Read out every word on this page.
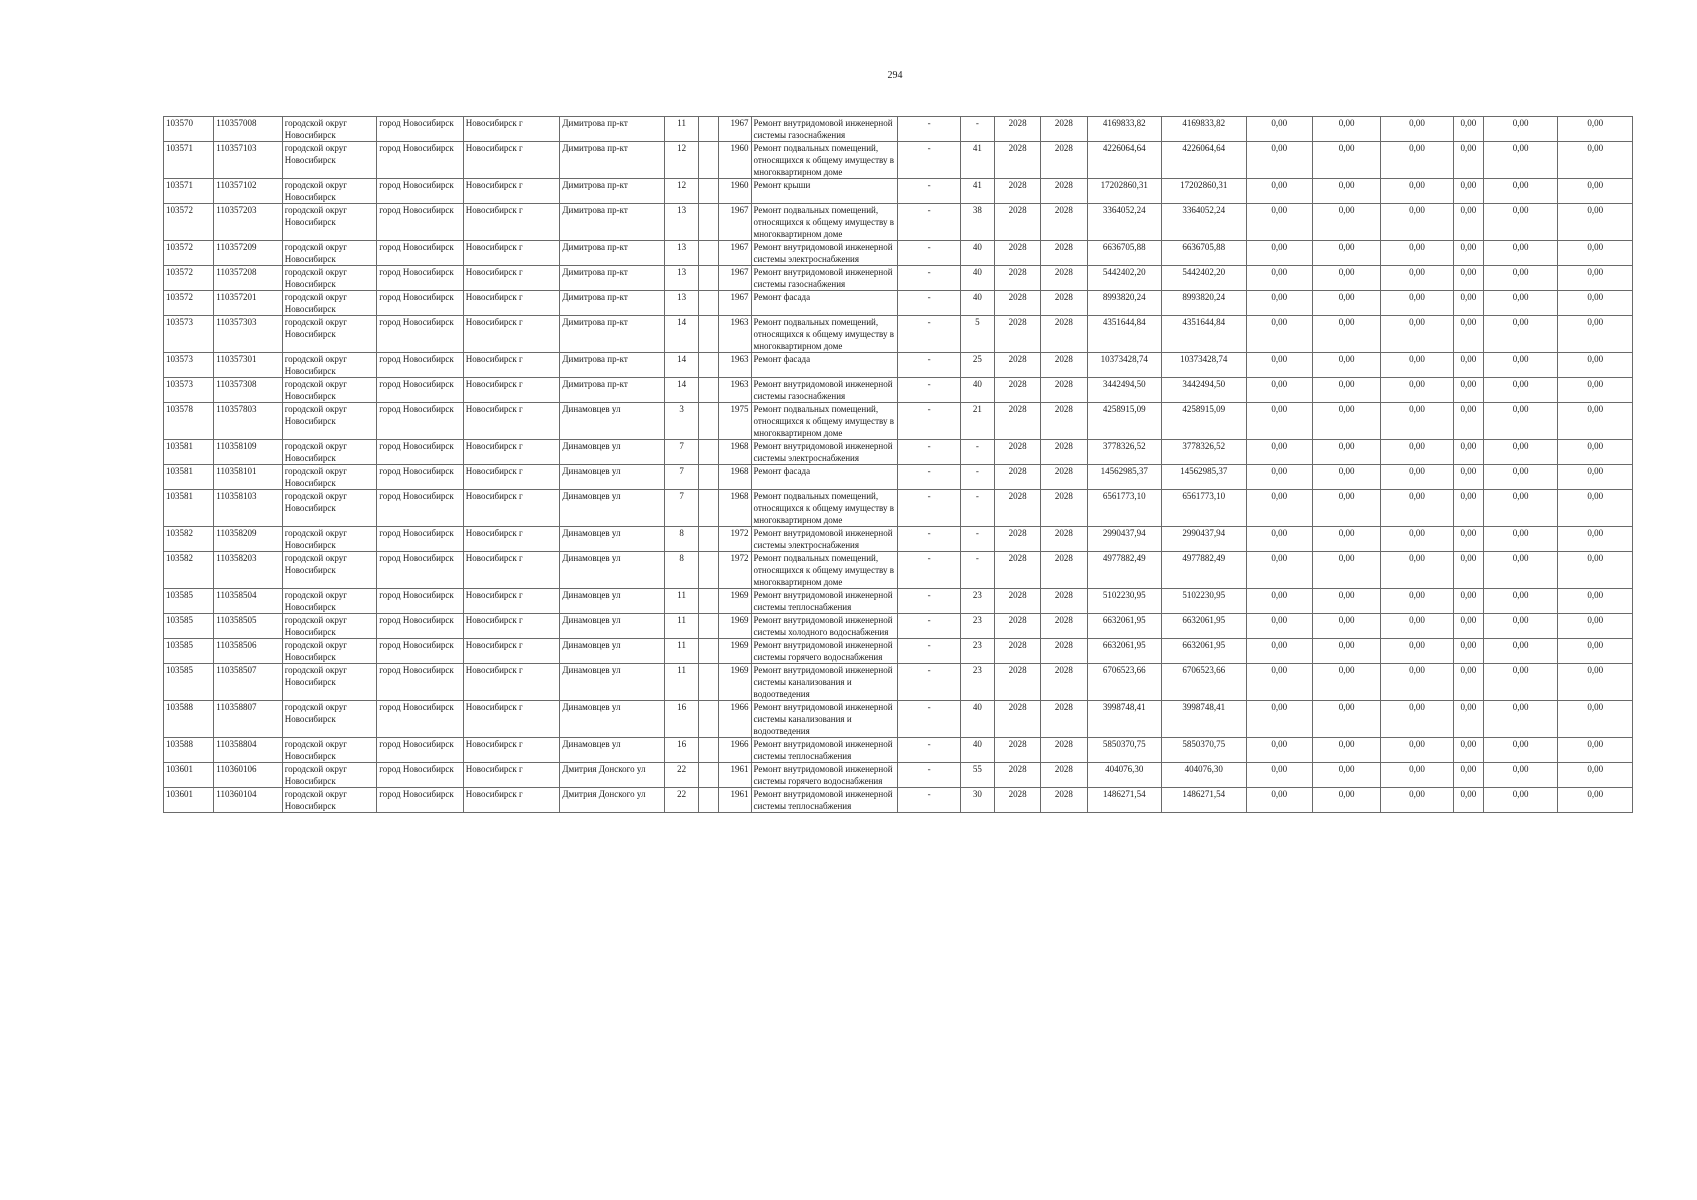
294
103570	110357008	городской округ Новосибирск	город Новосибирск	Новосибирск г	Димитрова пр-кт	11		1967	Ремонт внутридомовой инженерной системы газоснабжения	-	-	2028	2028	4169833,82	4169833,82	0,00	0,00	0,00	0,00	0,00	0,00
103571	110357103	городской округ Новосибирск	город Новосибирск	Новосибирск г	Димитрова пр-кт	12		1960	Ремонт подвальных помещений, относящихся к общему имуществу в многоквартирном доме	-	41	2028	2028	4226064,64	4226064,64	0,00	0,00	0,00	0,00	0,00	0,00
103571	110357102	городской округ Новосибирск	город Новосибирск	Новосибирск г	Димитрова пр-кт	12		1960	Ремонт крыши	-	41	2028	2028	17202860,31	17202860,31	0,00	0,00	0,00	0,00	0,00	0,00
103572	110357203	городской округ Новосибирск	город Новосибирск	Новосибирск г	Димитрова пр-кт	13		1967	Ремонт подвальных помещений, относящихся к общему имуществу в многоквартирном доме	-	38	2028	2028	3364052,24	3364052,24	0,00	0,00	0,00	0,00	0,00	0,00
103572	110357209	городской округ Новосибирск	город Новосибирск	Новосибирск г	Димитрова пр-кт	13		1967	Ремонт внутридомовой инженерной системы электроснабжения	-	40	2028	2028	6636705,88	6636705,88	0,00	0,00	0,00	0,00	0,00	0,00
103572	110357208	городской округ Новосибирск	город Новосибирск	Новосибирск г	Димитрова пр-кт	13		1967	Ремонт внутридомовой инженерной системы газоснабжения	-	40	2028	2028	5442402,20	5442402,20	0,00	0,00	0,00	0,00	0,00	0,00
103572	110357201	городской округ Новосибирск	город Новосибирск	Новосибирск г	Димитрова пр-кт	13		1967	Ремонт фасада	-	40	2028	2028	8993820,24	8993820,24	0,00	0,00	0,00	0,00	0,00	0,00
103573	110357303	городской округ Новосибирск	город Новосибирск	Новосибирск г	Димитрова пр-кт	14		1963	Ремонт подвальных помещений, относящихся к общему имуществу в многоквартирном доме	-	5	2028	2028	4351644,84	4351644,84	0,00	0,00	0,00	0,00	0,00	0,00
103573	110357301	городской округ Новосибирск	город Новосибирск	Новосибирск г	Димитрова пр-кт	14		1963	Ремонт фасада	-	25	2028	2028	10373428,74	10373428,74	0,00	0,00	0,00	0,00	0,00	0,00
103573	110357308	городской округ Новосибирск	город Новосибирск	Новосибирск г	Димитрова пр-кт	14		1963	Ремонт внутридомовой инженерной системы газоснабжения	-	40	2028	2028	3442494,50	3442494,50	0,00	0,00	0,00	0,00	0,00	0,00
103578	110357803	городской округ Новосибирск	город Новосибирск	Новосибирск г	Динамовцев ул	3		1975	Ремонт подвальных помещений, относящихся к общему имуществу в многоквартирном доме	-	21	2028	2028	4258915,09	4258915,09	0,00	0,00	0,00	0,00	0,00	0,00
103581	110358109	городской округ Новосибирск	город Новосибирск	Новосибирск г	Динамовцев ул	7		1968	Ремонт внутридомовой инженерной системы электроснабжения	-	-	2028	2028	3778326,52	3778326,52	0,00	0,00	0,00	0,00	0,00	0,00
103581	110358101	городской округ Новосибирск	город Новосибирск	Новосибирск г	Динамовцев ул	7		1968	Ремонт фасада	-	-	2028	2028	14562985,37	14562985,37	0,00	0,00	0,00	0,00	0,00	0,00
103581	110358103	городской округ Новосибирск	город Новосибирск	Новосибирск г	Динамовцев ул	7		1968	Ремонт подвальных помещений, относящихся к общему имуществу в многоквартирном доме	-	-	2028	2028	6561773,10	6561773,10	0,00	0,00	0,00	0,00	0,00	0,00
103582	110358209	городской округ Новосибирск	город Новосибирск	Новосибирск г	Динамовцев ул	8		1972	Ремонт внутридомовой инженерной системы электроснабжения	-	-	2028	2028	2990437,94	2990437,94	0,00	0,00	0,00	0,00	0,00	0,00
103582	110358203	городской округ Новосибирск	город Новосибирск	Новосибирск г	Динамовцев ул	8		1972	Ремонт подвальных помещений, относящихся к общему имуществу в многоквартирном доме	-	-	2028	2028	4977882,49	4977882,49	0,00	0,00	0,00	0,00	0,00	0,00
103585	110358504	городской округ Новосибирск	город Новосибирск	Новосибирск г	Динамовцев ул	11		1969	Ремонт внутридомовой инженерной системы теплоснабжения	-	23	2028	2028	5102230,95	5102230,95	0,00	0,00	0,00	0,00	0,00	0,00
103585	110358505	городской округ Новосибирск	город Новосибирск	Новосибирск г	Динамовцев ул	11		1969	Ремонт внутридомовой инженерной системы холодного водоснабжения	-	23	2028	2028	6632061,95	6632061,95	0,00	0,00	0,00	0,00	0,00	0,00
103585	110358506	городской округ Новосибирск	город Новосибирск	Новосибирск г	Динамовцев ул	11		1969	Ремонт внутридомовой инженерной системы горячего водоснабжения	-	23	2028	2028	6632061,95	6632061,95	0,00	0,00	0,00	0,00	0,00	0,00
103585	110358507	городской округ Новосибирск	город Новосибирск	Новосибирск г	Динамовцев ул	11		1969	Ремонт внутридомовой инженерной системы канализования и водоотведения	-	23	2028	2028	6706523,66	6706523,66	0,00	0,00	0,00	0,00	0,00	0,00
103588	110358807	городской округ Новосибирск	город Новосибирск	Новосибирск г	Динамовцев ул	16		1966	Ремонт внутридомовой инженерной системы канализования и водоотведения	-	40	2028	2028	3998748,41	3998748,41	0,00	0,00	0,00	0,00	0,00	0,00
103588	110358804	городской округ Новосибирск	город Новосибирск	Новосибирск г	Динамовцев ул	16		1966	Ремонт внутридомовой инженерной системы теплоснабжения	-	40	2028	2028	5850370,75	5850370,75	0,00	0,00	0,00	0,00	0,00	0,00
103601	110360106	городской округ Новосибирск	город Новосибирск	Новосибирск г	Дмитрия Донского ул	22		1961	Ремонт внутридомовой инженерной системы горячего водоснабжения	-	55	2028	2028	404076,30	404076,30	0,00	0,00	0,00	0,00	0,00	0,00
103601	110360104	городской округ Новосибирск	город Новосибирск	Новосибирск г	Дмитрия Донского ул	22		1961	Ремонт внутридомовой инженерной системы теплоснабжения	-	30	2028	2028	1486271,54	1486271,54	0,00	0,00	0,00	0,00	0,00	0,00
